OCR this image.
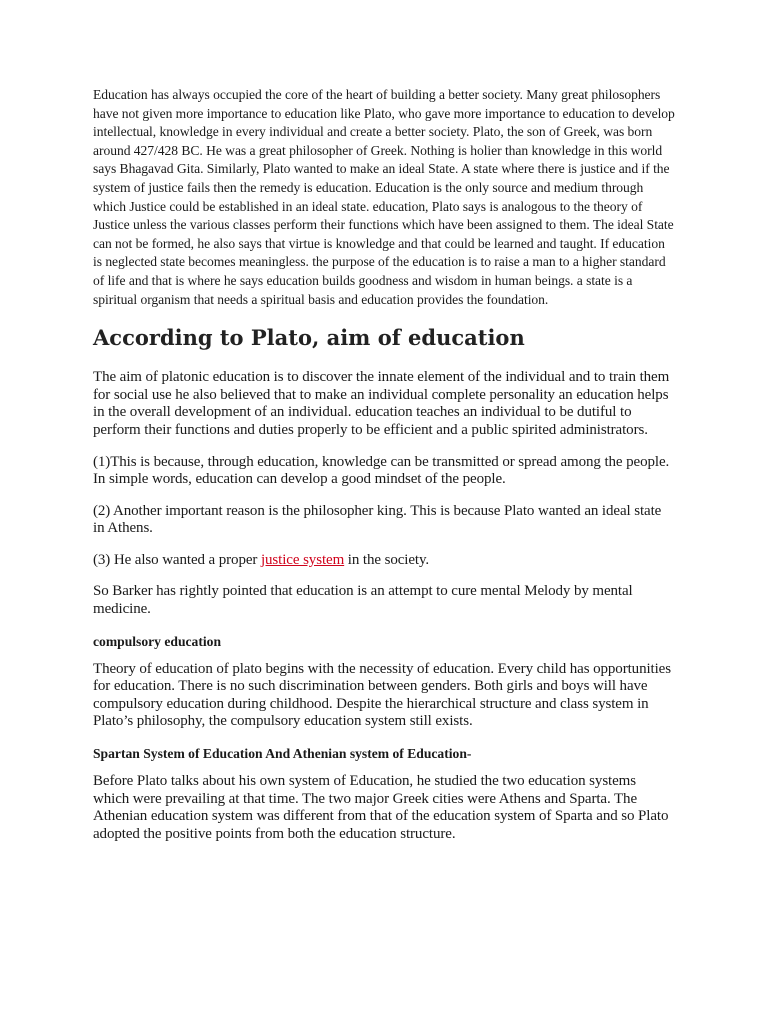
Education has always occupied the core of the heart of building a better society. Many great philosophers have not given more importance to education like Plato, who gave more importance to education to develop intellectual, knowledge in every individual and create a better society. Plato, the son of Greek, was born around 427/428 BC. He was a great philosopher of Greek. Nothing is holier than knowledge in this world says Bhagavad Gita. Similarly, Plato wanted to make an ideal State. A state where there is justice and if the system of justice fails then the remedy is education. Education is the only source and medium through which Justice could be established in an ideal state. education, Plato says is analogous to the theory of Justice unless the various classes perform their functions which have been assigned to them. The ideal State can not be formed, he also says that virtue is knowledge and that could be learned and taught. If education is neglected state becomes meaningless. the purpose of the education is to raise a man to a higher standard of life and that is where he says education builds goodness and wisdom in human beings. a state is a spiritual organism that needs a spiritual basis and education provides the foundation.

According to Plato, aim of education

The aim of platonic education is to discover the innate element of the individual and to train them for social use he also believed that to make an individual complete personality an education helps in the overall development of an individual. education teaches an individual to be dutiful to perform their functions and duties properly to be efficient and a public spirited administrators.

(1)This is because, through education, knowledge can be transmitted or spread among the people. In simple words, education can develop a good mindset of the people.

(2) Another important reason is the philosopher king. This is because Plato wanted an ideal state in Athens.

(3) He also wanted a proper justice system in the society.

So Barker has rightly pointed that education is an attempt to cure mental Melody by mental medicine.

compulsory education

Theory of education of plato begins with the necessity of education. Every child has opportunities for education. There is no such discrimination between genders. Both girls and boys will have compulsory education during childhood. Despite the hierarchical structure and class system in Plato’s philosophy, the compulsory education system still exists.

Spartan System of Education And Athenian system of Education-

Before Plato talks about his own system of Education, he studied the two education systems which were prevailing at that time. The two major Greek cities were Athens and Sparta. The Athenian education system was different from that of the education system of Sparta and so Plato adopted the positive points from both the education structure.
